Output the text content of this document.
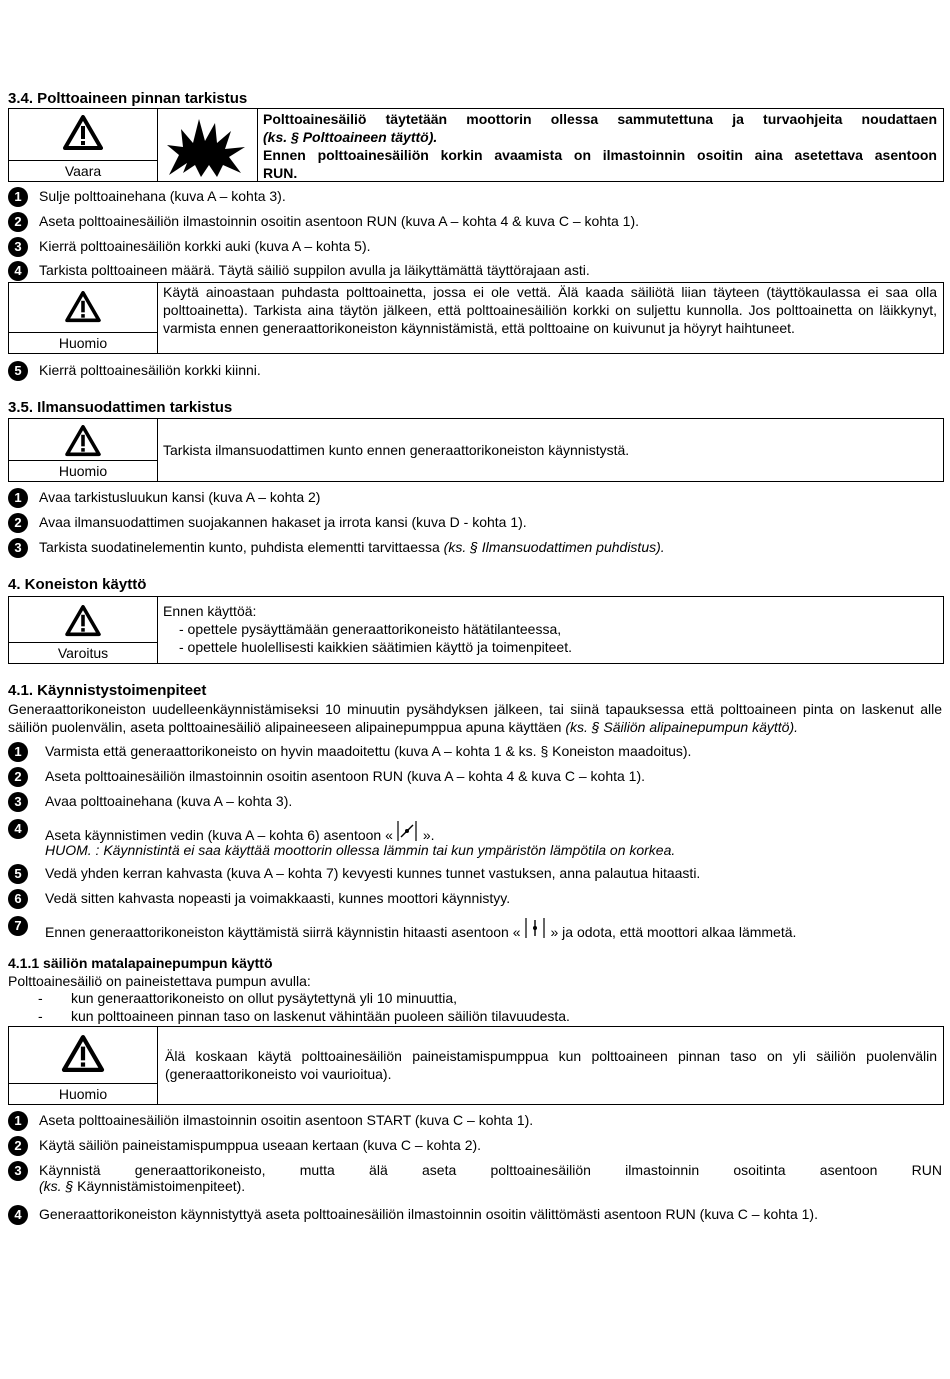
3.4. Polttoaineen pinnan tarkistus
Vaara
Polttoainesäiliö täytetään moottorin ollessa sammutettuna ja turvaohjeita noudattaen
(ks. § Polttoaineen täyttö).
Ennen polttoainesäiliön korkin avaamista on ilmastoinnin osoitin aina asetettava asentoon
RUN.
1	Sulje polttoainehana (kuva A – kohta 3).
2	Aseta polttoainesäiliön ilmastoinnin osoitin asentoon RUN (kuva A – kohta 4 & kuva C – kohta 1).
3	Kierrä polttoainesäiliön korkki auki (kuva A – kohta 5).
4	Tarkista polttoaineen määrä. Täytä säiliö suppilon avulla ja läikyttämättä täyttörajaan asti.
Huomio
Käytä ainoastaan puhdasta polttoainetta, jossa ei ole vettä. Älä kaada säiliötä liian täyteen (täyttökaulassa ei saa olla polttoainetta). Tarkista aina täytön jälkeen, että polttoainesäiliön korkki on suljettu kunnolla. Jos polttoainetta on läikkynyt, varmista ennen generaattorikoneiston käynnistämistä, että polttoaine on kuivunut ja höyryt haihtuneet.
5	Kierrä polttoainesäiliön korkki kiinni.
3.5. Ilmansuodattimen tarkistus
Huomio
Tarkista ilmansuodattimen kunto ennen generaattorikoneiston käynnistystä.
1	Avaa tarkistusluukun kansi (kuva A – kohta 2)
2	Avaa ilmansuodattimen suojakannen hakaset ja irrota kansi (kuva D - kohta 1).
3	Tarkista suodatinelementin kunto, puhdista elementti tarvittaessa (ks. § Ilmansuodattimen puhdistus).
4. Koneiston käyttö
Varoitus
Ennen käyttöä:
- opettele pysäyttämään generaattorikoneisto hätätilanteessa,
- opettele huolellisesti kaikkien säätimien käyttö ja toimenpiteet.
4.1. Käynnistystoimenpiteet
Generaattorikoneiston uudelleenkäynnistämiseksi 10 minuutin pysähdyksen jälkeen, tai siinä tapauksessa että polttoaineen pinta on laskenut alle säiliön puolenvälin, aseta polttoainesäiliö alipaineeseen alipainepumppua apuna käyttäen (ks. § Säiliön alipainepumpun käyttö).
1	Varmista että generaattorikoneisto on hyvin maadoitettu (kuva A – kohta 1 & ks. § Koneiston maadoitus).
2	Aseta polttoainesäiliön ilmastoinnin osoitin asentoon RUN (kuva A – kohta 4 & kuva C – kohta 1).
3	Avaa polttoainehana (kuva A – kohta 3).
4	Aseta käynnistimen vedin (kuva A – kohta 6) asentoon « ».
HUOM. : Käynnistintä ei saa käyttää moottorin ollessa lämmin tai kun ympäristön lämpötila on korkea.
5	Vedä yhden kerran kahvasta (kuva A – kohta 7) kevyesti kunnes tunnet vastuksen, anna palautua hitaasti.
6	Vedä sitten kahvasta nopeasti ja voimakkaasti, kunnes moottori käynnistyy.
7	Ennen generaattorikoneiston käyttämistä siirrä käynnistin hitaasti asentoon « » ja odota, että moottori alkaa lämmetä.
4.1.1 säiliön matalapainepumpun käyttö
Polttoainesäiliö on paineistettava pumpun avulla:
- kun generaattorikoneisto on ollut pysäytettynä yli 10 minuuttia,
- kun polttoaineen pinnan taso on laskenut vähintään puoleen säiliön tilavuudesta.
Huomio
Älä koskaan käytä polttoainesäiliön paineistamispumppua kun polttoaineen pinnan taso on yli säiliön puolenvälin (generaattorikoneisto voi vaurioitua).
1	Aseta polttoainesäiliön ilmastoinnin osoitin asentoon START (kuva C – kohta 1).
2	Käytä säiliön paineistamispumppua useaan kertaan (kuva C – kohta 2).
3	Käynnistä generaattorikoneisto, mutta älä aseta polttoainesäiliön ilmastoinnin osoitinta asentoon RUN
(ks. § Käynnistämistoimenpiteet).
4	Generaattorikoneiston käynnistyttyä aseta polttoainesäiliön ilmastoinnin osoitin välittömästi asentoon RUN (kuva C – kohta 1).
